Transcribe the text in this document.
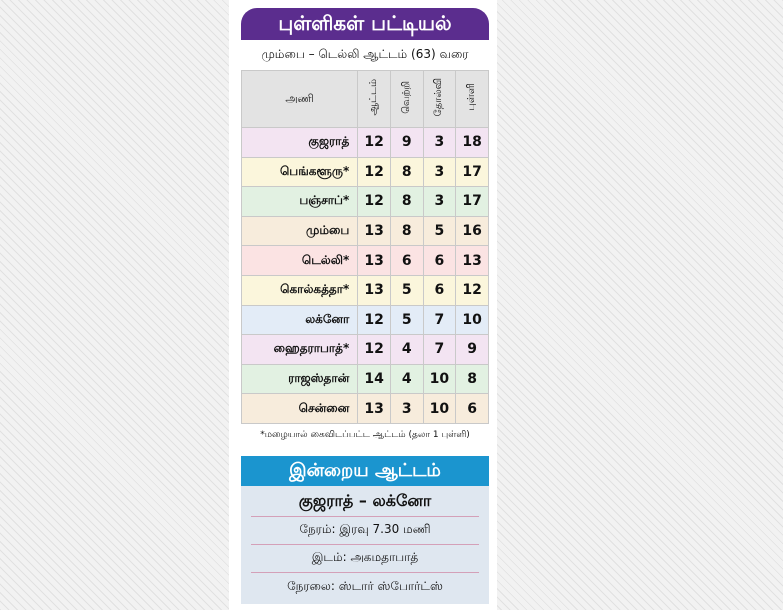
புள்ளிகள் பட்டியல்
மும்பை – டெல்லி ஆட்டம் (63) வரை
அணி	ஆட்டம்	வெற்றி	தோல்வி	புள்ளி
குஜராத்	12	9	3	18
பெங்களூரு*	12	8	3	17
பஞ்சாப்*	12	8	3	17
மும்பை	13	8	5	16
டெல்லி*	13	6	6	13
கொல்கத்தா*	13	5	6	12
லக்னோ	12	5	7	10
ஹைதராபாத்*	12	4	7	9
ராஜஸ்தான்	14	4	10	8
சென்னை	13	3	10	6
*மழையால் கைவிடப்பட்ட ஆட்டம் (தலா 1 புள்ளி)
இன்றைய ஆட்டம்
குஜராத் – லக்னோ
நேரம்: இரவு 7.30 மணி
இடம்: அகமதாபாத்
நேரலை: ஸ்டார் ஸ்போர்ட்ஸ்
